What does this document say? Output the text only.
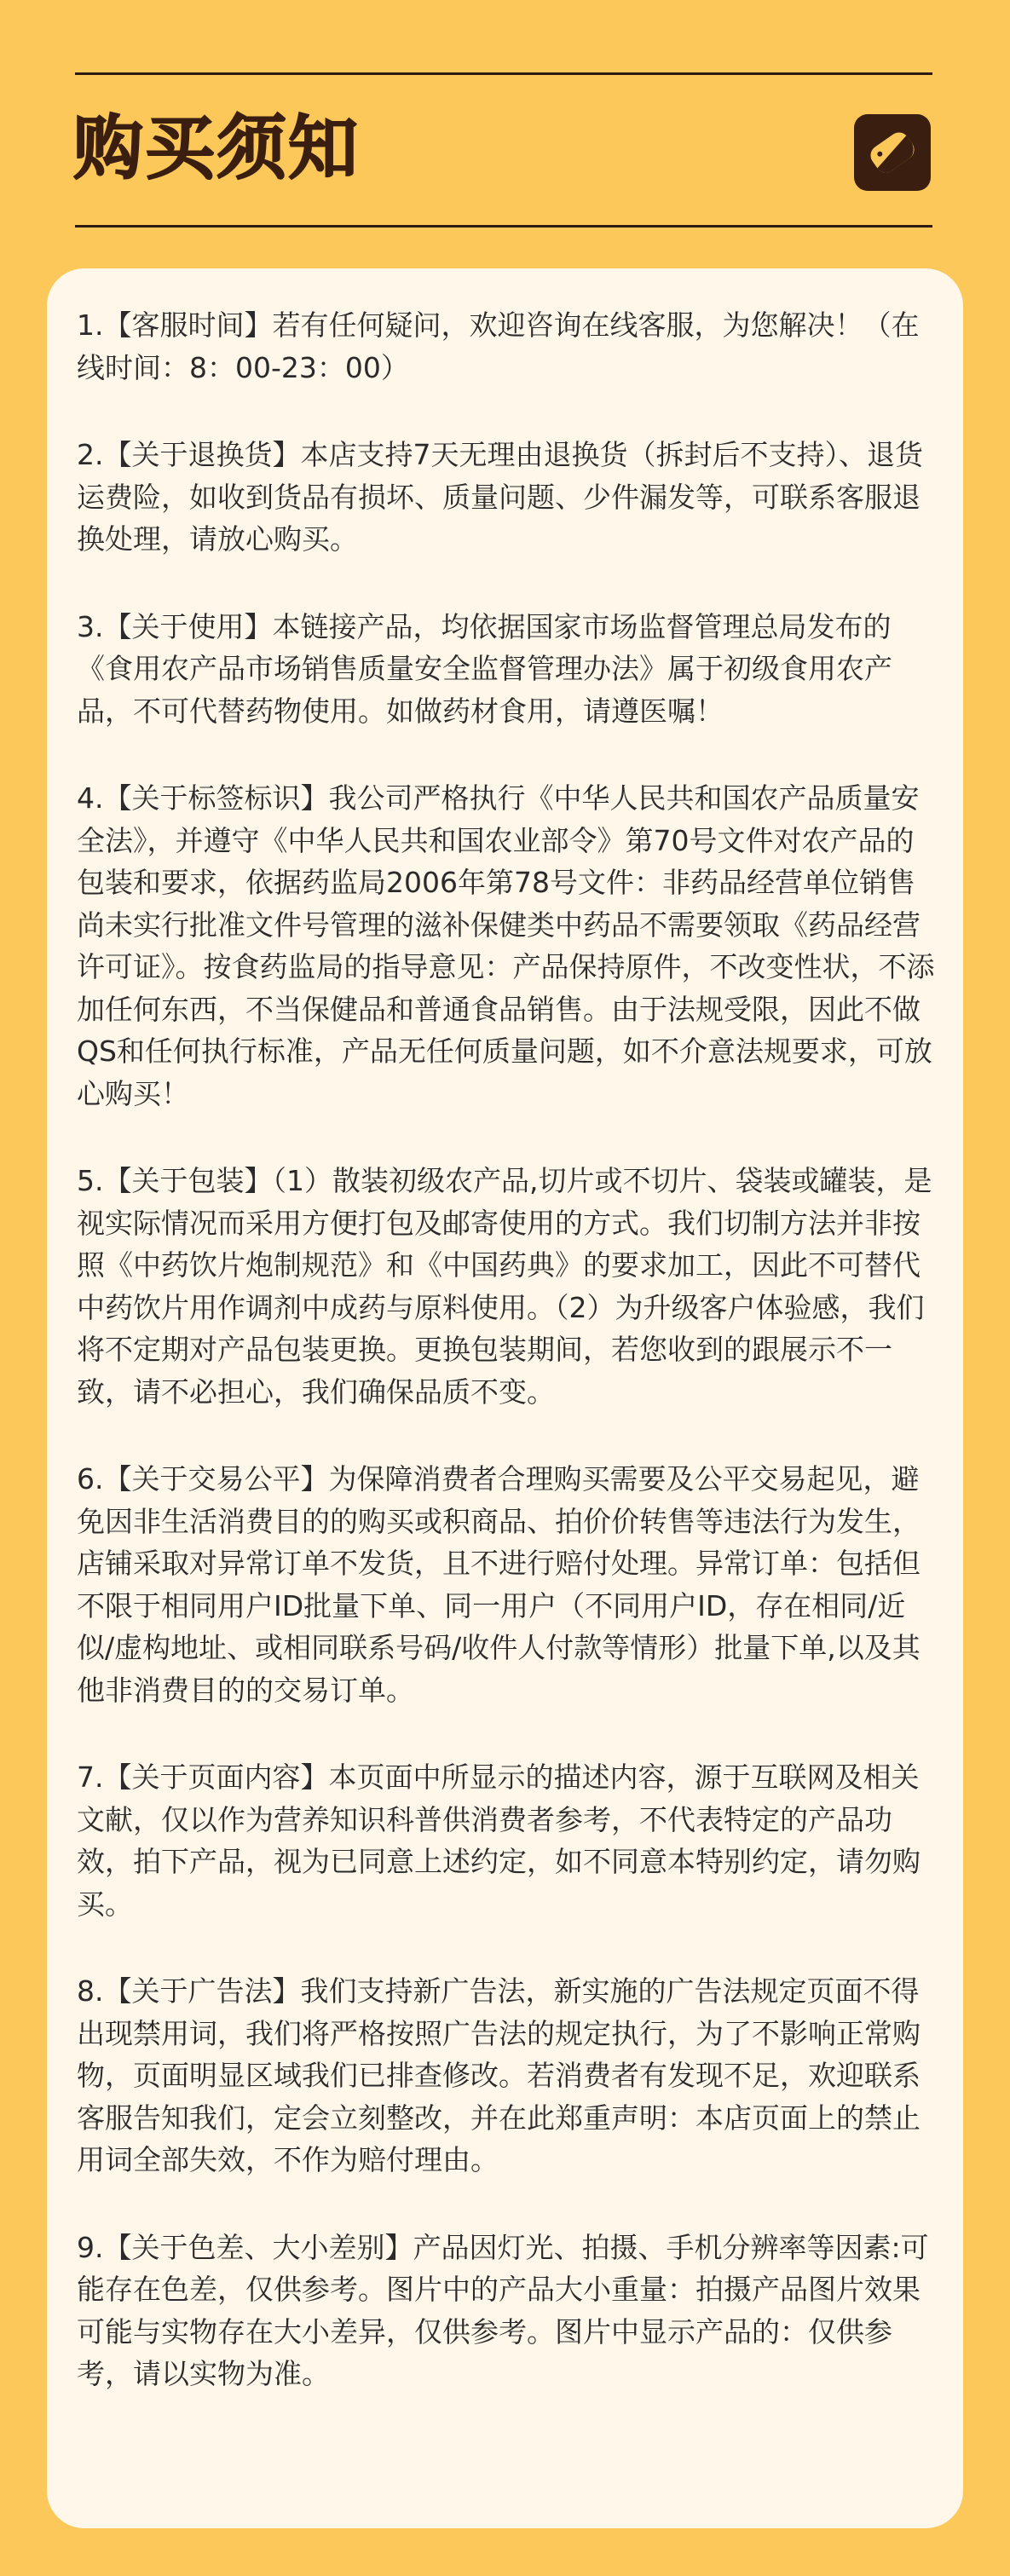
购买须知
1.【客服时间】若有任何疑问，欢迎咨询在线客服，为您解决！（在线时间：8：00-23：00）
2.【关于退换货】本店支持7天无理由退换货（拆封后不支持）、退货运费险，如收到货品有损坏、质量问题、少件漏发等，可联系客服退换处理，请放心购买。
3.【关于使用】本链接产品，均依据国家市场监督管理总局发布的《食用农产品市场销售质量安全监督管理办法》属于初级食用农产品，不可代替药物使用。如做药材食用，请遵医嘱！
4.【关于标签标识】我公司严格执行《中华人民共和国农产品质量安全法》，并遵守《中华人民共和国农业部令》第70号文件对农产品的包装和要求，依据药监局2006年第78号文件：非药品经营单位销售尚未实行批准文件号管理的滋补保健类中药品不需要领取《药品经营许可证》。按食药监局的指导意见：产品保持原件，不改变性状，不添加任何东西，不当保健品和普通食品销售。由于法规受限，因此不做QS和任何执行标准，产品无任何质量问题，如不介意法规要求，可放心购买！
5.【关于包装】（1）散装初级农产品,切片或不切片、袋装或罐装，是视实际情况而采用方便打包及邮寄使用的方式。我们切制方法并非按照《中药饮片炮制规范》和《中国药典》的要求加工，因此不可替代中药饮片用作调剂中成药与原料使用。（2）为升级客户体验感，我们将不定期对产品包装更换。更换包装期间，若您收到的跟展示不一致，请不必担心，我们确保品质不变。
6.【关于交易公平】为保障消费者合理购买需要及公平交易起见，避免因非生活消费目的的购买或积商品、拍价价转售等违法行为发生，店铺采取对异常订单不发货，且不进行赔付处理。异常订单：包括但不限于相同用户ID批量下单、同一用户（不同用户ID，存在相同/近似/虚构地址、或相同联系号码/收件人付款等情形）批量下单,以及其他非消费目的的交易订单。
7.【关于页面内容】本页面中所显示的描述内容，源于互联网及相关文献，仅以作为营养知识科普供消费者参考，不代表特定的产品功效，拍下产品，视为已同意上述约定，如不同意本特别约定，请勿购买。
8.【关于广告法】我们支持新广告法，新实施的广告法规定页面不得出现禁用词，我们将严格按照广告法的规定执行，为了不影响正常购物，页面明显区域我们已排查修改。若消费者有发现不足，欢迎联系客服告知我们，定会立刻整改，并在此郑重声明：本店页面上的禁止用词全部失效，不作为赔付理由。
9.【关于色差、大小差别】产品因灯光、拍摄、手机分辨率等因素:可能存在色差，仅供参考。图片中的产品大小重量：拍摄产品图片效果可能与实物存在大小差异，仅供参考。图片中显示产品的：仅供参考，请以实物为准。
